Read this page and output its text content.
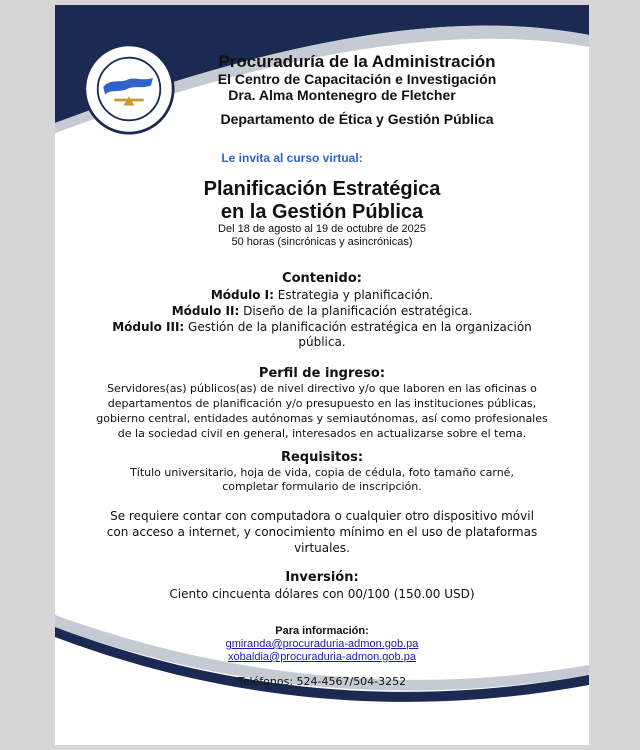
Procuraduría de la Administración
El Centro de Capacitación e Investigación
Dra. Alma Montenegro de Fletcher
Departamento de Ética y Gestión Pública
Le invita al curso virtual:
Planificación Estratégica
en la Gestión Pública
Del 18 de agosto al 19 de octubre de 2025
50 horas (sincrónicas y asincrónicas)
Contenido:
Módulo I: Estrategia y planificación.
Módulo II: Diseño de la planificación estratégica.
Módulo III: Gestión de la planificación estratégica en la organización
pública.
Perfil de ingreso:
Servidores(as) públicos(as) de nivel directivo y/o que laboren en las oficinas o
departamentos de planificación y/o presupuesto en las instituciones públicas,
gobierno central, entidades autónomas y semiautónomas, así como profesionales
de la sociedad civil en general, interesados en actualizarse sobre el tema.
Requisitos:
Título universitario, hoja de vida, copia de cédula, foto tamaño carné,
completar formulario de inscripción.
Se requiere contar con computadora o cualquier otro dispositivo móvil
con acceso a internet, y conocimiento mínimo en el uso de plataformas
virtuales.
Inversión:
Ciento cincuenta dólares con 00/100 (150.00 USD)
Para información:
gmiranda@procuraduria-admon.gob.pa
xobaldia@procuraduria-admon.gob.pa
Teléfonos: 524-4567/504-3252
